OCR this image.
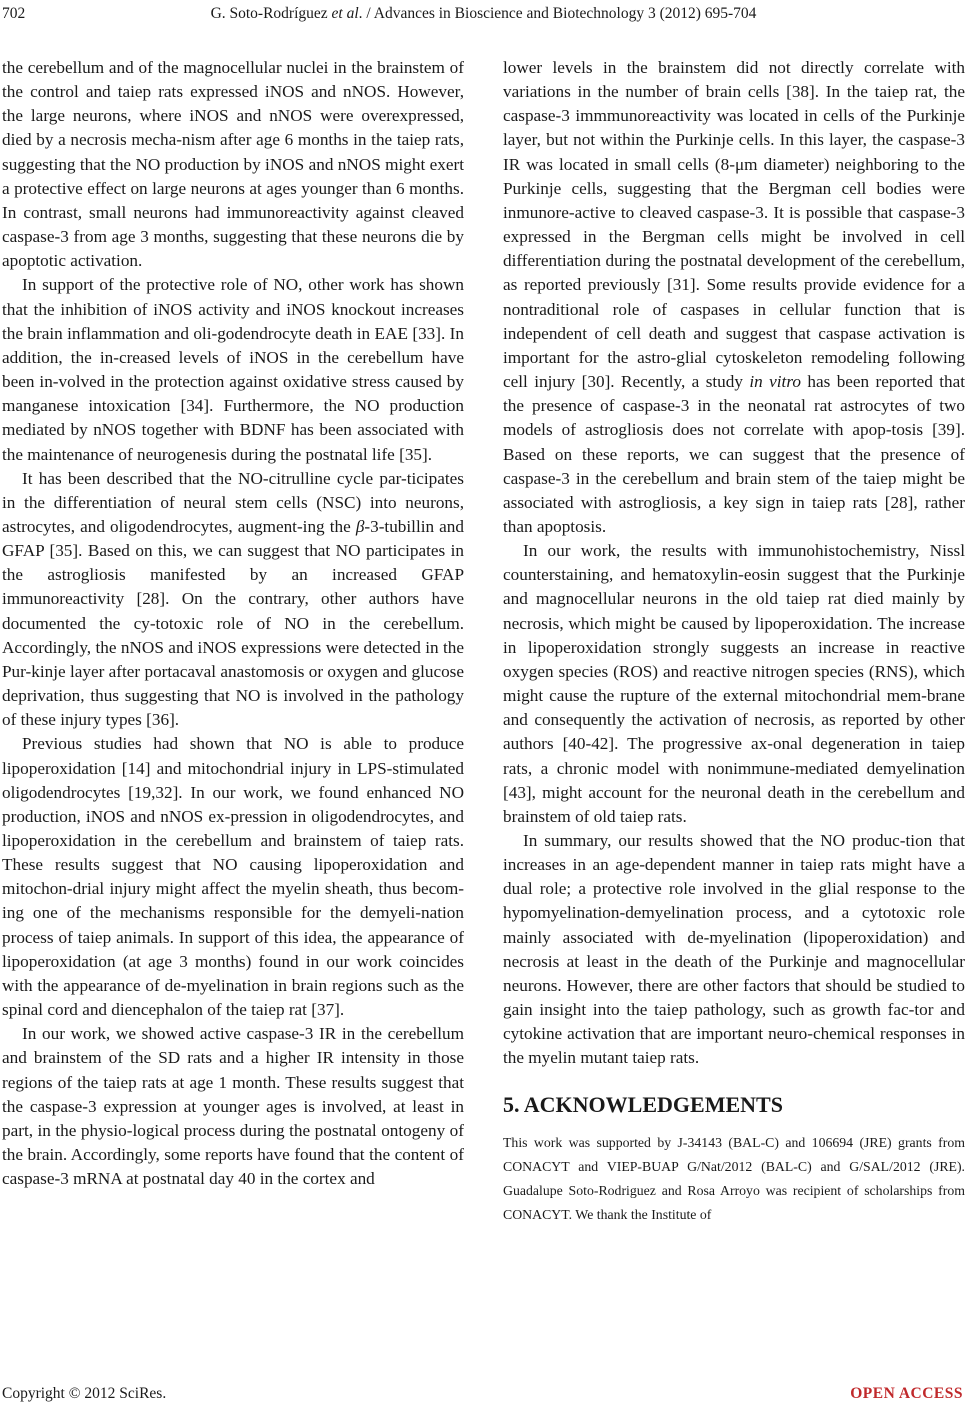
702	G. Soto-Rodríguez et al. / Advances in Bioscience and Biotechnology 3 (2012) 695-704

the cerebellum and of the magnocellular nuclei in the brainstem of the control and taiep rats expressed iNOS and nNOS. However, the large neurons, where iNOS and nNOS were overexpressed, died by a necrosis mecha-nism after age 6 months in the taiep rats, suggesting that the NO production by iNOS and nNOS might exert a protective effect on large neurons at ages younger than 6 months. In contrast, small neurons had immunoreactivity against cleaved caspase-3 from age 3 months, suggesting that these neurons die by apoptotic activation.

In support of the protective role of NO, other work has shown that the inhibition of iNOS activity and iNOS knockout increases the brain inflammation and oli-godendrocyte death in EAE [33]. In addition, the in-creased levels of iNOS in the cerebellum have been in-volved in the protection against oxidative stress caused by manganese intoxication [34]. Furthermore, the NO production mediated by nNOS together with BDNF has been associated with the maintenance of neurogenesis during the postnatal life [35].

It has been described that the NO-citrulline cycle par-ticipates in the differentiation of neural stem cells (NSC) into neurons, astrocytes, and oligodendrocytes, augment-ing the β-3-tubillin and GFAP [35]. Based on this, we can suggest that NO participates in the astrogliosis manifested by an increased GFAP immunoreactivity [28]. On the contrary, other authors have documented the cy-totoxic role of NO in the cerebellum. Accordingly, the nNOS and iNOS expressions were detected in the Pur-kinje layer after portacaval anastomosis or oxygen and glucose deprivation, thus suggesting that NO is involved in the pathology of these injury types [36].

Previous studies had shown that NO is able to produce lipoperoxidation [14] and mitochondrial injury in LPS-stimulated oligodendrocytes [19,32]. In our work, we found enhanced NO production, iNOS and nNOS ex-pression in oligodendrocytes, and lipoperoxidation in the cerebellum and brainstem of taiep rats. These results suggest that NO causing lipoperoxidation and mitochon-drial injury might affect the myelin sheath, thus becom-ing one of the mechanisms responsible for the demyeli-nation process of taiep animals. In support of this idea, the appearance of lipoperoxidation (at age 3 months) found in our work coincides with the appearance of de-myelination in brain regions such as the spinal cord and diencephalon of the taiep rat [37].

In our work, we showed active caspase-3 IR in the cerebellum and brainstem of the SD rats and a higher IR intensity in those regions of the taiep rats at age 1 month. These results suggest that the caspase-3 expression at younger ages is involved, at least in part, in the physio-logical process during the postnatal ontogeny of the brain. Accordingly, some reports have found that the content of caspase-3 mRNA at postnatal day 40 in the cortex and

lower levels in the brainstem did not directly correlate with variations in the number of brain cells [38]. In the taiep rat, the caspase-3 immmunoreactivity was located in cells of the Purkinje layer, but not within the Purkinje cells. In this layer, the caspase-3 IR was located in small cells (8-μm diameter) neighboring to the Purkinje cells, suggesting that the Bergman cell bodies were inmunore-active to cleaved caspase-3. It is possible that caspase-3 expressed in the Bergman cells might be involved in cell differentiation during the postnatal development of the cerebellum, as reported previously [31]. Some results provide evidence for a nontraditional role of caspases in cellular function that is independent of cell death and suggest that caspase activation is important for the astro-glial cytoskeleton remodeling following cell injury [30]. Recently, a study in vitro has been reported that the presence of caspase-3 in the neonatal rat astrocytes of two models of astrogliosis does not correlate with apop-tosis [39]. Based on these reports, we can suggest that the presence of caspase-3 in the cerebellum and brain stem of the taiep might be associated with astrogliosis, a key sign in taiep rats [28], rather than apoptosis.

In our work, the results with immunohistochemistry, Nissl counterstaining, and hematoxylin-eosin suggest that the Purkinje and magnocellular neurons in the old taiep rat died mainly by necrosis, which might be caused by lipoperoxidation. The increase in lipoperoxidation strongly suggests an increase in reactive oxygen species (ROS) and reactive nitrogen species (RNS), which might cause the rupture of the external mitochondrial mem-brane and consequently the activation of necrosis, as reported by other authors [40-42]. The progressive ax-onal degeneration in taiep rats, a chronic model with nonimmune-mediated demyelination [43], might account for the neuronal death in the cerebellum and brainstem of old taiep rats.

In summary, our results showed that the NO produc-tion that increases in an age-dependent manner in taiep rats might have a dual role; a protective role involved in the glial response to the hypomyelination-demyelination process, and a cytotoxic role mainly associated with de-myelination (lipoperoxidation) and necrosis at least in the death of the Purkinje and magnocellular neurons. However, there are other factors that should be studied to gain insight into the taiep pathology, such as growth fac-tor and cytokine activation that are important neuro-chemical responses in the myelin mutant taiep rats.

5. ACKNOWLEDGEMENTS

This work was supported by J-34143 (BAL-C) and 106694 (JRE) grants from CONACYT and VIEP-BUAP G/Nat/2012 (BAL-C) and G/SAL/2012 (JRE). Guadalupe Soto-Rodriguez and Rosa Arroyo was recipient of scholarships from CONACYT. We thank the Institute of

Copyright © 2012 SciRes.	OPEN ACCESS
